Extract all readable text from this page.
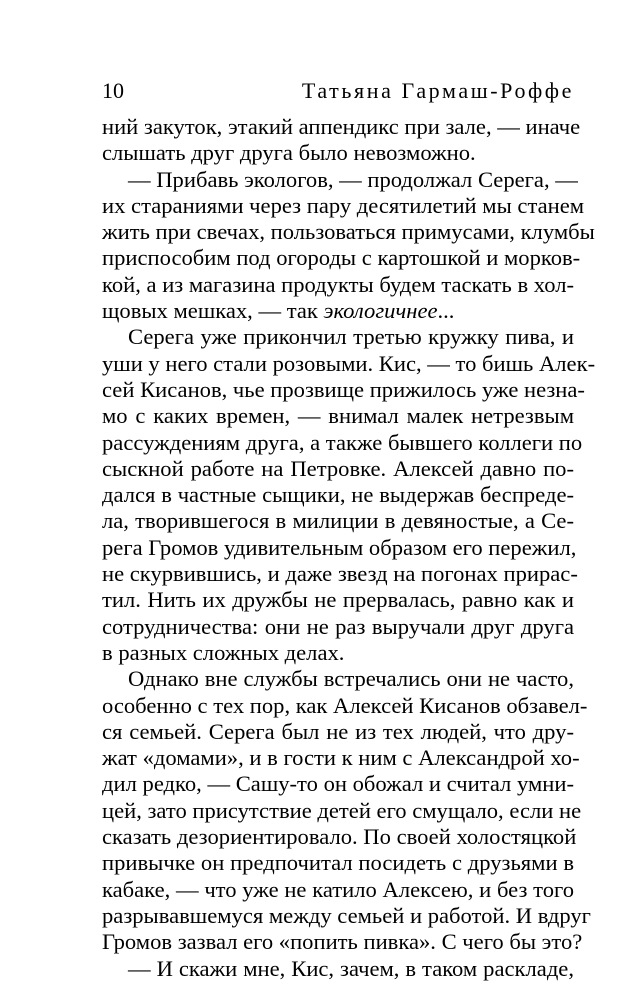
10	Татьяна Гармаш-Роффе
ний закуток, этакий аппендикс при зале, — иначе
слышать друг друга было невозможно.
— Прибавь экологов, — продолжал Серега, —
их стараниями через пару десятилетий мы станем
жить при свечах, пользоваться примусами, клумбы
приспособим под огороды с картошкой и морков-
кой, а из магазина продукты будем таскать в хол-
щовых мешках, — так экологичнее...
Серега уже прикончил третью кружку пива, и
уши у него стали розовыми. Кис, — то бишь Алек-
сей Кисанов, чье прозвище прижилось уже незна-
мо с каких времен, — внимал малек нетрезвым
рассуждениям друга, а также бывшего коллеги по
сыскной работе на Петровке. Алексей давно по-
дался в частные сыщики, не выдержав беспреде-
ла, творившегося в милиции в девяностые, а Се-
рега Громов удивительным образом его пережил,
не скурвившись, и даже звезд на погонах прирас-
тил. Нить их дружбы не прервалась, равно как и
сотрудничества: они не раз выручали друг друга
в разных сложных делах.
Однако вне службы встречались они не часто,
особенно с тех пор, как Алексей Кисанов обзавел-
ся семьей. Серега был не из тех людей, что дру-
жат «домами», и в гости к ним с Александрой хо-
дил редко, — Сашу-то он обожал и считал умни-
цей, зато присутствие детей его смущало, если не
сказать дезориентировало. По своей холостяцкой
привычке он предпочитал посидеть с друзьями в
кабаке, — что уже не катило Алексею, и без того
разрывавшемуся между семьей и работой. И вдруг
Громов зазвал его «попить пивка». С чего бы это?
— И скажи мне, Кис, зачем, в таком раскладе,
